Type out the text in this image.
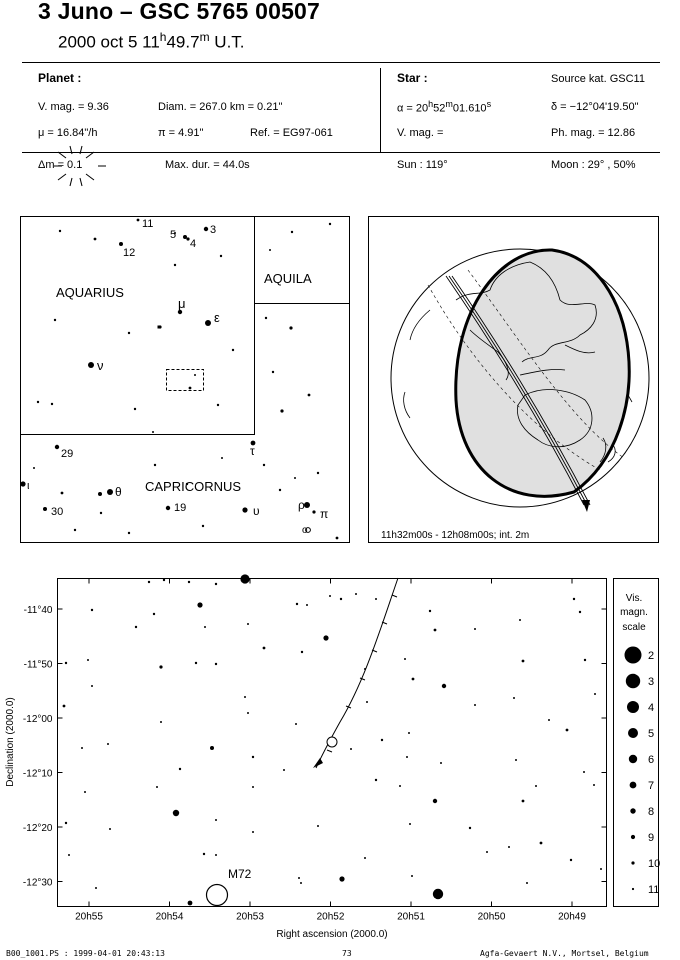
3 Juno – GSC 5765 00507
2000 oct 5 11$^h$49.7$^m$ U.T.
Planet :
V. mag. = 9.36	Diam. = 267.0 km = 0.21"
μ = 16.84"/h	π = 4.91"	Ref. = EG97-061
Star :	Source kat. GSC11
$\alpha = 20^h52^m01.610^s$	δ = −12°04'19.50"
V. mag. =	Ph. mag. = 12.86
Δm = 0.1	Max. dur. = 44.0s	Sun : 119°	Moon : 29° , 50%
AQUARIUS
AQUILA
CAPRICORNUS
11
12
5
4
3
μ
ε
ν
29	τ
ι	θ
30	19	υ	ρ
π
ο	11h32m00s - 12h08m00s; int. 2m
-11°40
-11°50
-12°00
-12°10
-12°20
-12°30
20h55	20h54	20h53	20h52	20h51	20h50	20h49
Declination (2000.0)
Right ascension (2000.0)
M72
Vis.
magn.
scale
2
3
4
5
6
7
8
9
10
11
B00_1001.PS : 1999-04-01 20:43:13	73	Agfa-Gevaert N.V., Mortsel, Belgium
